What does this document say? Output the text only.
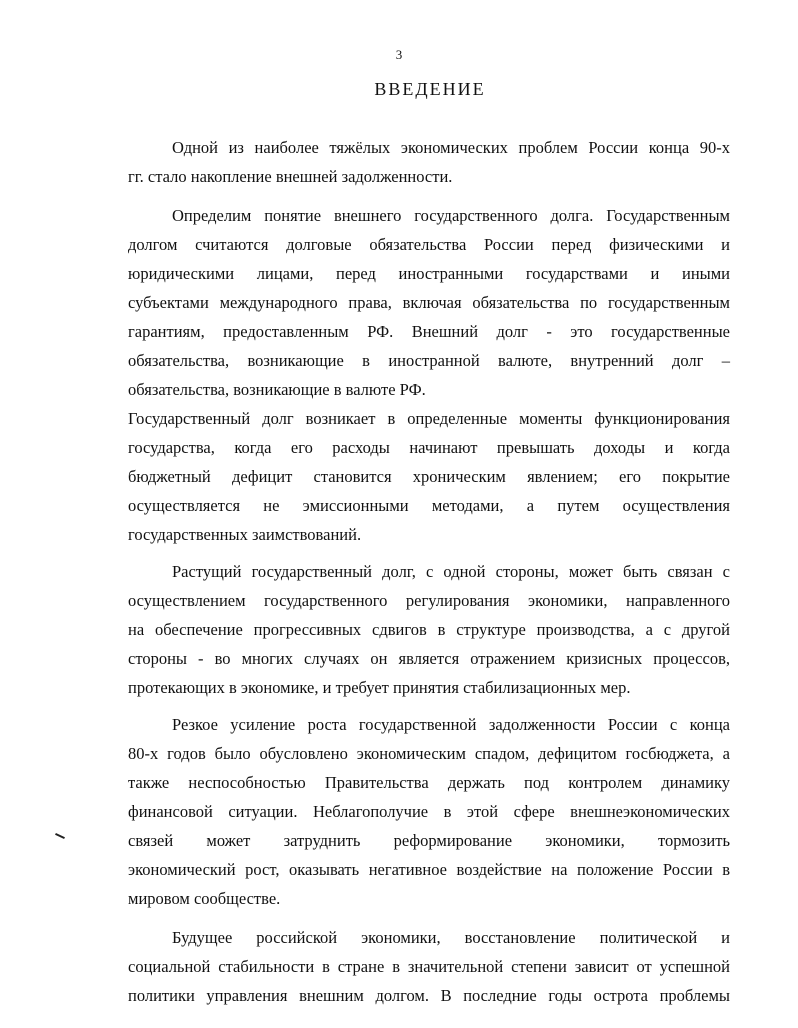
3
ВВЕДЕНИЕ
Одной из наиболее тяжёлых экономических проблем России конца 90-х
гг. стало накопление внешней задолженности.
Определим понятие внешнего государственного долга. Государственным
долгом считаются долговые обязательства России перед физическими и
юридическими лицами, перед иностранными государствами и иными
субъектами международного права, включая обязательства по государственным
гарантиям, предоставленным РФ. Внешний долг - это государственные
обязательства, возникающие в иностранной валюте, внутренний долг –
обязательства, возникающие в валюте РФ.
Государственный долг возникает в определенные моменты функционирования
государства, когда его расходы начинают превышать доходы и когда
бюджетный дефицит становится хроническим явлением; его покрытие
осуществляется не эмиссионными методами, а путем осуществления
государственных заимствований.
Растущий государственный долг, с одной стороны, может быть связан с
осуществлением государственного регулирования экономики, направленного
на обеспечение прогрессивных сдвигов в структуре производства, а с другой
стороны - во многих случаях он является отражением кризисных процессов,
протекающих в экономике, и требует принятия стабилизационных мер.
Резкое усиление роста государственной задолженности России с конца
80-х годов было обусловлено экономическим спадом, дефицитом госбюджета, а
также неспособностью Правительства держать под контролем динамику
финансовой ситуации. Неблагополучие в этой сфере внешнеэкономических
связей может затруднить реформирование экономики, тормозить
экономический рост, оказывать негативное воздействие на положение России в
мировом сообществе.
Будущее российской экономики, восстановление политической и
социальной стабильности в стране в значительной степени зависит от успешной
политики управления внешним долгом. В последние годы острота проблемы
